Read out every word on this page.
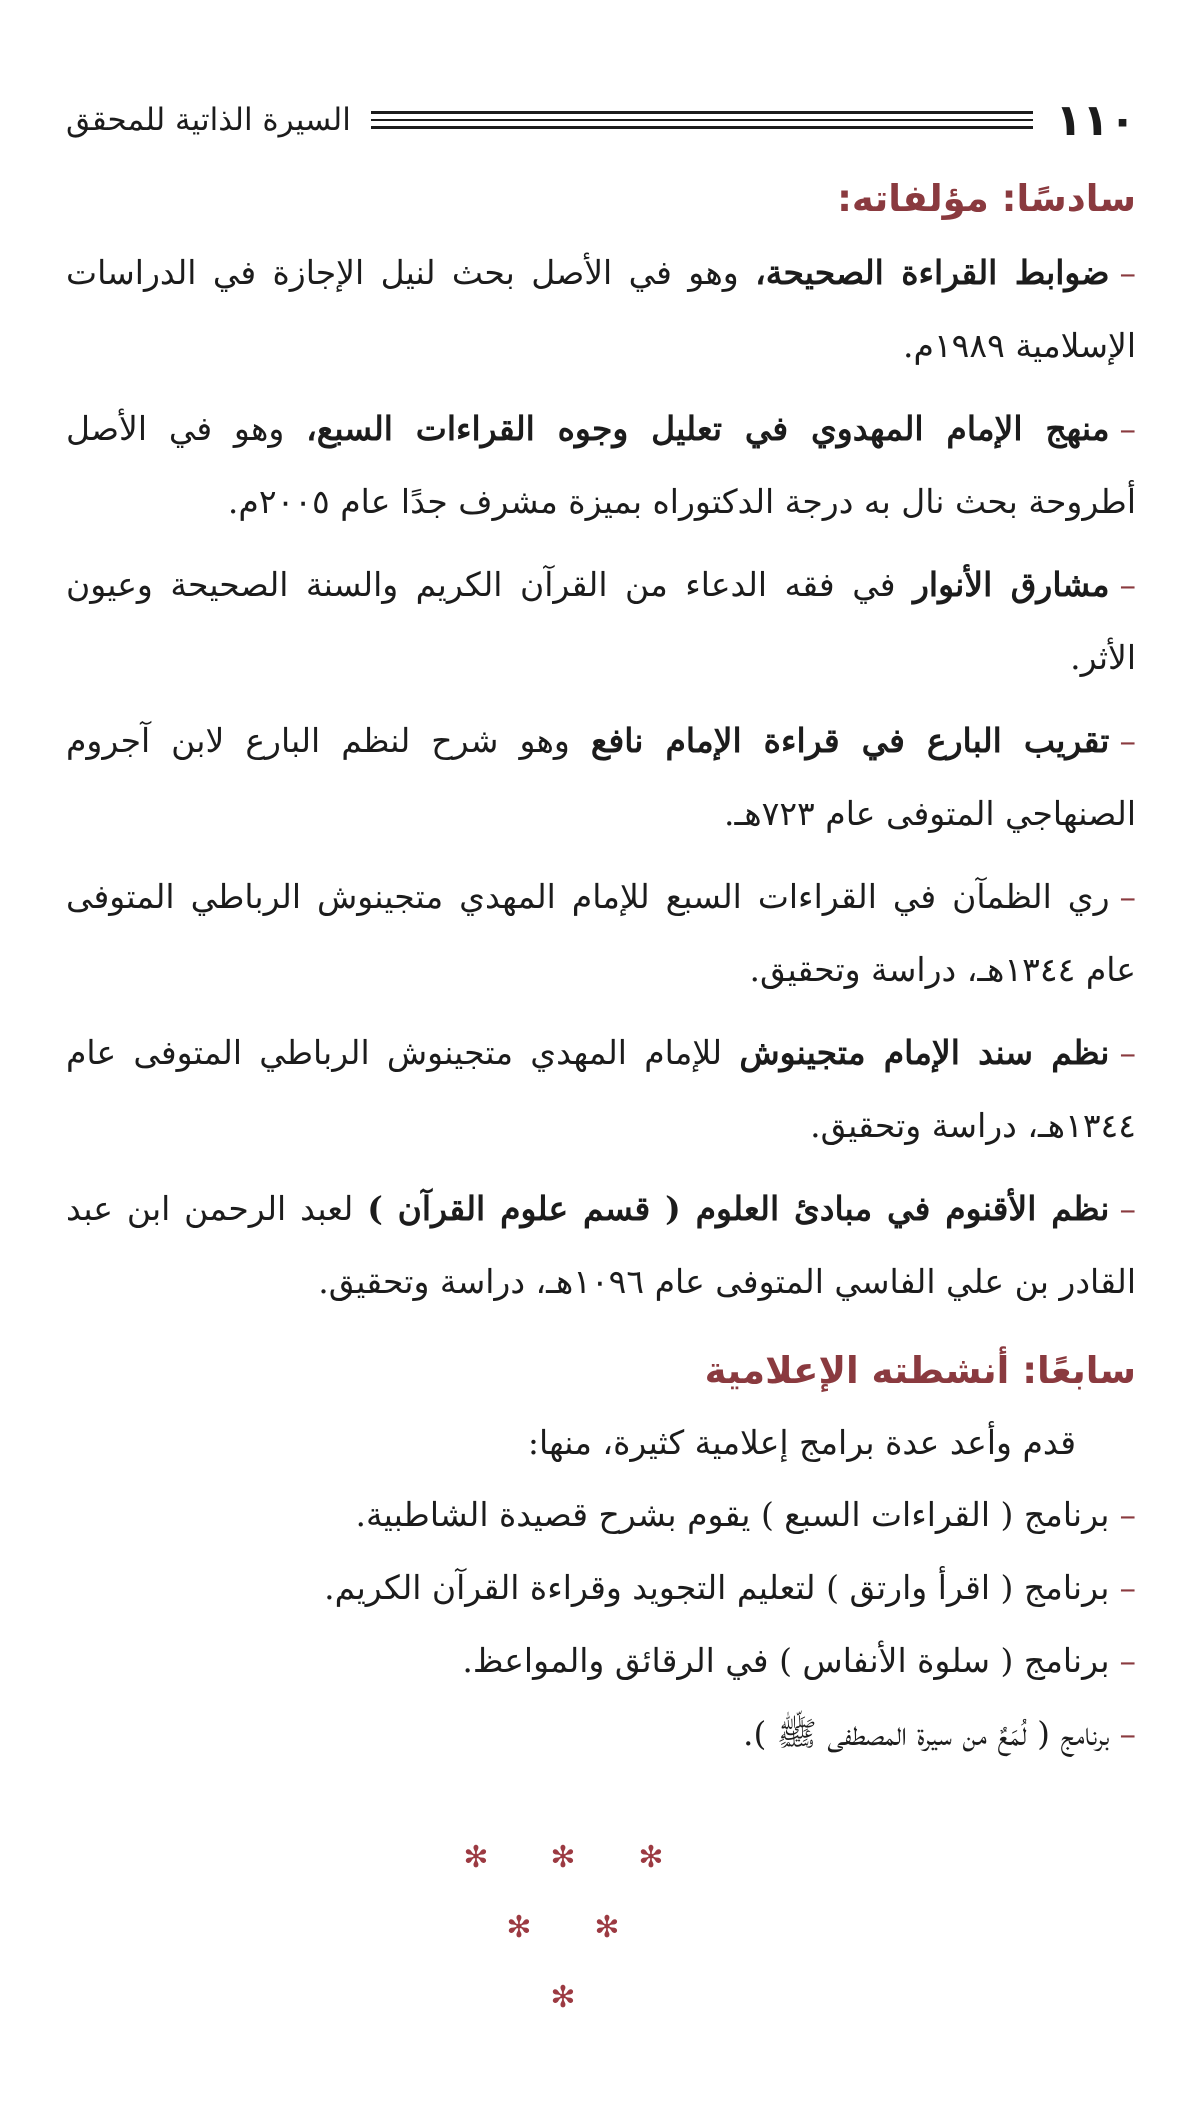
١١٠
السيرة الذاتية للمحقق
سادسًا: مؤلفاته:

–ضوابط القراءة الصحيحة، وهو في الأصل بحث لنيل الإجازة في الدراسات الإسلامية ١٩٨٩م.

–منهج الإمام المهدوي في تعليل وجوه القراءات السبع، وهو في الأصل أطروحة بحث نال به درجة الدكتوراه بميزة مشرف جدًا عام ٢٠٠٥م.

–مشارق الأنوار في فقه الدعاء من القرآن الكريم والسنة الصحيحة وعيون الأثر.

–تقريب البارع في قراءة الإمام نافع وهو شرح لنظم البارع لابن آجروم الصنهاجي المتوفى عام ٧٢٣هـ.

–ري الظمآن في القراءات السبع للإمام المهدي متجينوش الرباطي المتوفى عام ١٣٤٤هـ، دراسة وتحقيق.

–نظم سند الإمام متجينوش للإمام المهدي متجينوش الرباطي المتوفى عام ١٣٤٤هـ، دراسة وتحقيق.

–نظم الأقنوم في مبادئ العلوم ( قسم علوم القرآن ) لعبد الرحمن ابن عبد القادر بن علي الفاسي المتوفى عام ١٠٩٦هـ، دراسة وتحقيق.

سابعًا: أنشطته الإعلامية

قدم وأعد عدة برامج إعلامية كثيرة، منها:

–برنامج ( القراءات السبع ) يقوم بشرح قصيدة الشاطبية.

–برنامج ( اقرأ وارتق ) لتعليم التجويد وقراءة القرآن الكريم.

–برنامج ( سلوة الأنفاس ) في الرقائق والمواعظ.

–برنامج ( لُمَعٌ من سيرة المصطفى ﷺ ).

✻ ✻ ✻
✻ ✻
✻
